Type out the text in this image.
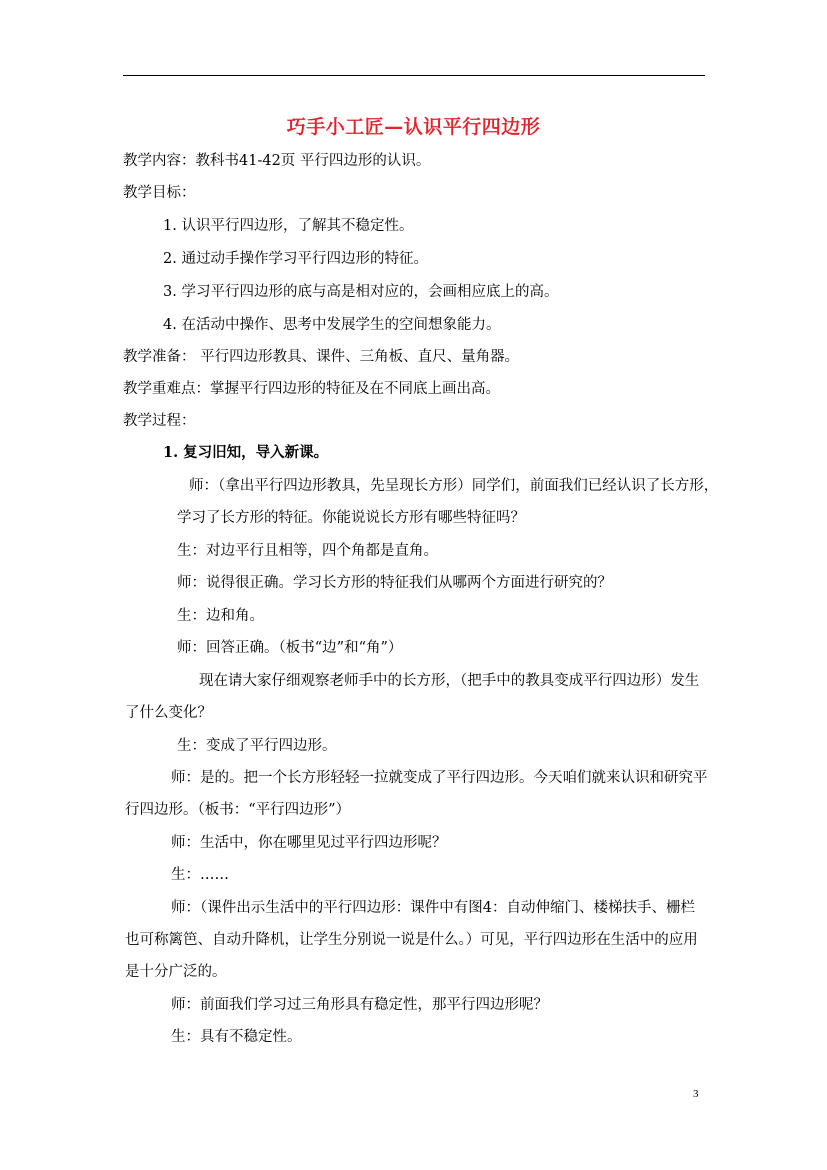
巧手小工匠—认识平行四边形
教学内容：教科书41-42页 平行四边形的认识。
教学目标：
1. 认识平行四边形，了解其不稳定性。
2. 通过动手操作学习平行四边形的特征。
3. 学习平行四边形的底与高是相对应的，会画相应底上的高。
4. 在活动中操作、思考中发展学生的空间想象能力。
教学准备： 平行四边形教具、课件、三角板、直尺、量角器。
教学重难点：掌握平行四边形的特征及在不同底上画出高。
教学过程：
1. 复习旧知，导入新课。
师：（拿出平行四边形教具，先呈现长方形）同学们，前面我们已经认识了长方形，
学习了长方形的特征。你能说说长方形有哪些特征吗？
生：对边平行且相等，四个角都是直角。
师：说得很正确。学习长方形的特征我们从哪两个方面进行研究的？
生：边和角。
师：回答正确。（板书“边”和“角”）
现在请大家仔细观察老师手中的长方形，（把手中的教具变成平行四边形）发生
了什么变化？
生：变成了平行四边形。
师：是的。把一个长方形轻轻一拉就变成了平行四边形。今天咱们就来认识和研究平
行四边形。（板书：“平行四边形”）
师：生活中，你在哪里见过平行四边形呢？
生：……
师：（课件出示生活中的平行四边形：课件中有图4：自动伸缩门、楼梯扶手、栅栏
也可称篱笆、自动升降机，让学生分别说一说是什么。）可见，平行四边形在生活中的应用
是十分广泛的。
师：前面我们学习过三角形具有稳定性，那平行四边形呢？
生：具有不稳定性。
3
